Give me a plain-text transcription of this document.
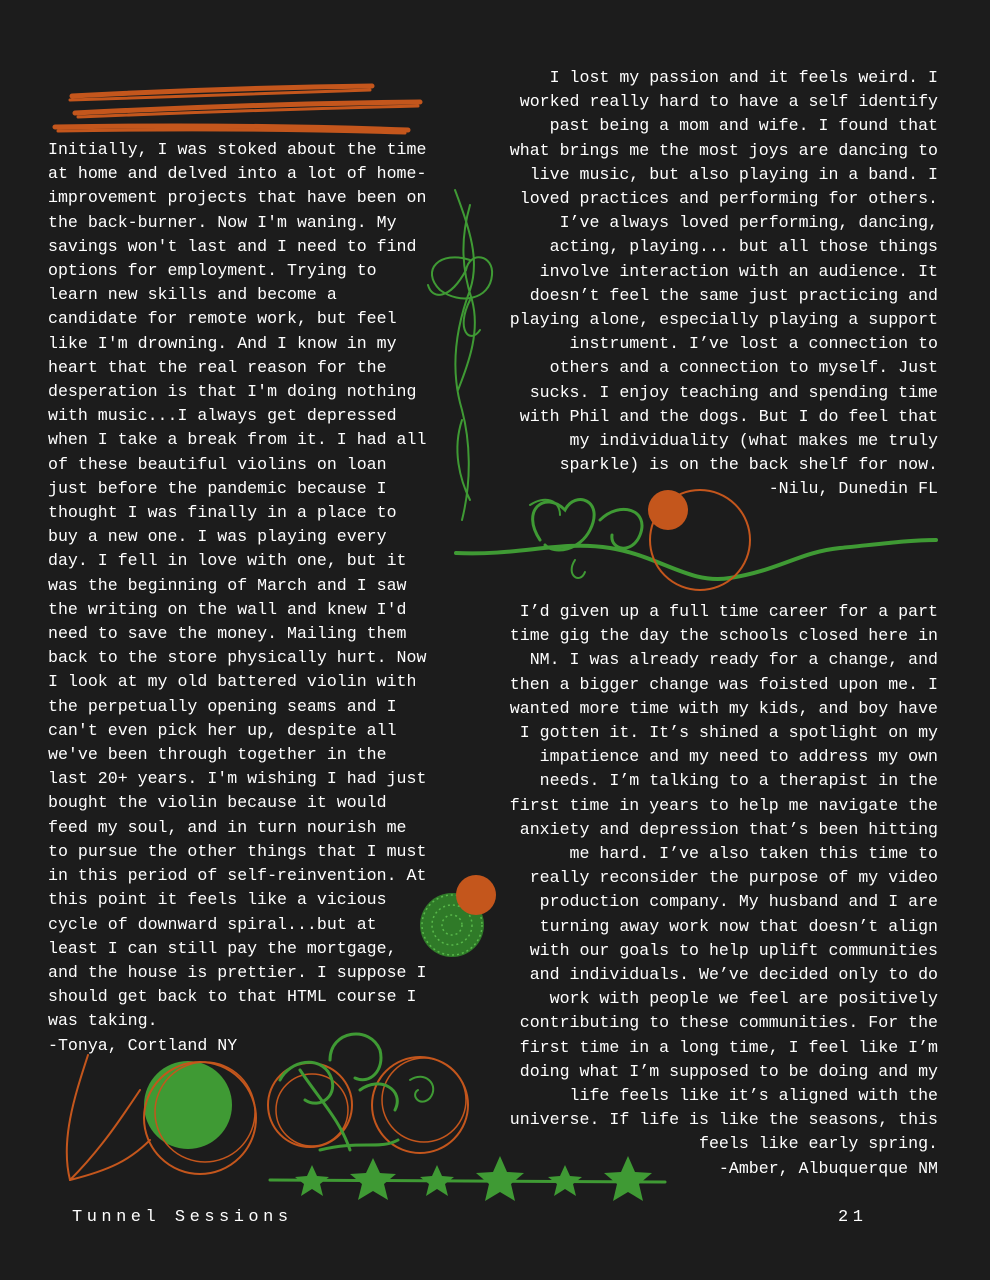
Initially, I was stoked about the time
at home and delved into a lot of home-
improvement projects that have been on
the back-burner. Now I'm waning. My
savings won't last and I need to find
options for employment. Trying to
learn new skills and become a
candidate for remote work, but feel
like I'm drowning. And I know in my
heart that the real reason for the
desperation is that I'm doing nothing
with music...I always get depressed
when I take a break from it. I had all
of these beautiful violins on loan
just before the pandemic because I
thought I was finally in a place to
buy a new one. I was playing every
day. I fell in love with one, but it
was the beginning of March and I saw
the writing on the wall and knew I'd
need to save the money. Mailing them
back to the store physically hurt. Now
I look at my old battered violin with
the perpetually opening seams and I
can't even pick her up, despite all
we've been through together in the
last 20+ years. I'm wishing I had just
bought the violin because it would
feed my soul, and in turn nourish me
to pursue the other things that I must
in this period of self-reinvention. At
this point it feels like a vicious
cycle of downward spiral...but at
least I can still pay the mortgage,
and the house is prettier. I suppose I
should get back to that HTML course I
was taking.
-Tonya, Cortland NY
I lost my passion and it feels weird. I
worked really hard to have a self identify
past being a mom and wife. I found that
what brings me the most joys are dancing to
live music, but also playing in a band. I
loved practices and performing for others.
I’ve always loved performing, dancing,
acting, playing... but all those things
involve interaction with an audience. It
doesn’t feel the same just practicing and
playing alone, especially playing a support
instrument. I’ve lost a connection to
others and a connection to myself. Just
sucks. I enjoy teaching and spending time
with Phil and the dogs. But I do feel that
my individuality (what makes me truly
sparkle) is on the back shelf for now.
-Nilu, Dunedin FL
I’d given up a full time career for a part
time gig the day the schools closed here in
NM. I was already ready for a change, and
then a bigger change was foisted upon me. I
wanted more time with my kids, and boy have
I gotten it. It’s shined a spotlight on my
impatience and my need to address my own
needs. I’m talking to a therapist in the
first time in years to help me navigate the
anxiety and depression that’s been hitting
me hard. I’ve also taken this time to
really reconsider the purpose of my video
production company. My husband and I are
turning away work now that doesn’t align
with our goals to help uplift communities
and individuals. We’ve decided only to do
work with people we feel are positively
contributing to these communities. For the
first time in a long time, I feel like I’m
doing what I’m supposed to be doing and my
life feels like it’s aligned with the
universe. If life is like the seasons, this
feels like early spring.
-Amber, Albuquerque NM
Tunnel Sessions	21
